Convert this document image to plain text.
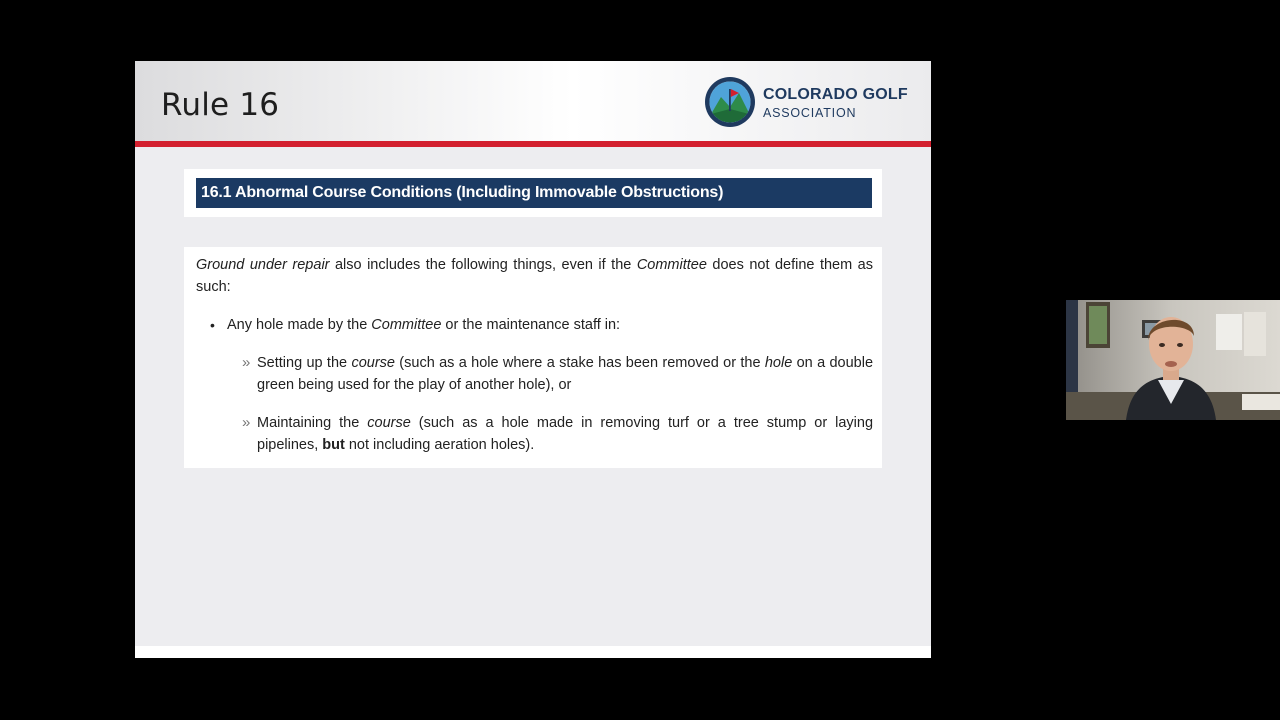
Rule 16	COLORADO GOLF
ASSOCIATION
16.1 Abnormal Course Conditions (Including Immovable Obstructions)
Ground under repair also includes the following things, even if the Committee does not define them as such:
• Any hole made by the Committee or the maintenance staff in:
» Setting up the course (such as a hole where a stake has been removed or the hole on a double green being used for the play of another hole), or
» Maintaining the course (such as a hole made in removing turf or a tree stump or laying pipelines, but not including aeration holes).
